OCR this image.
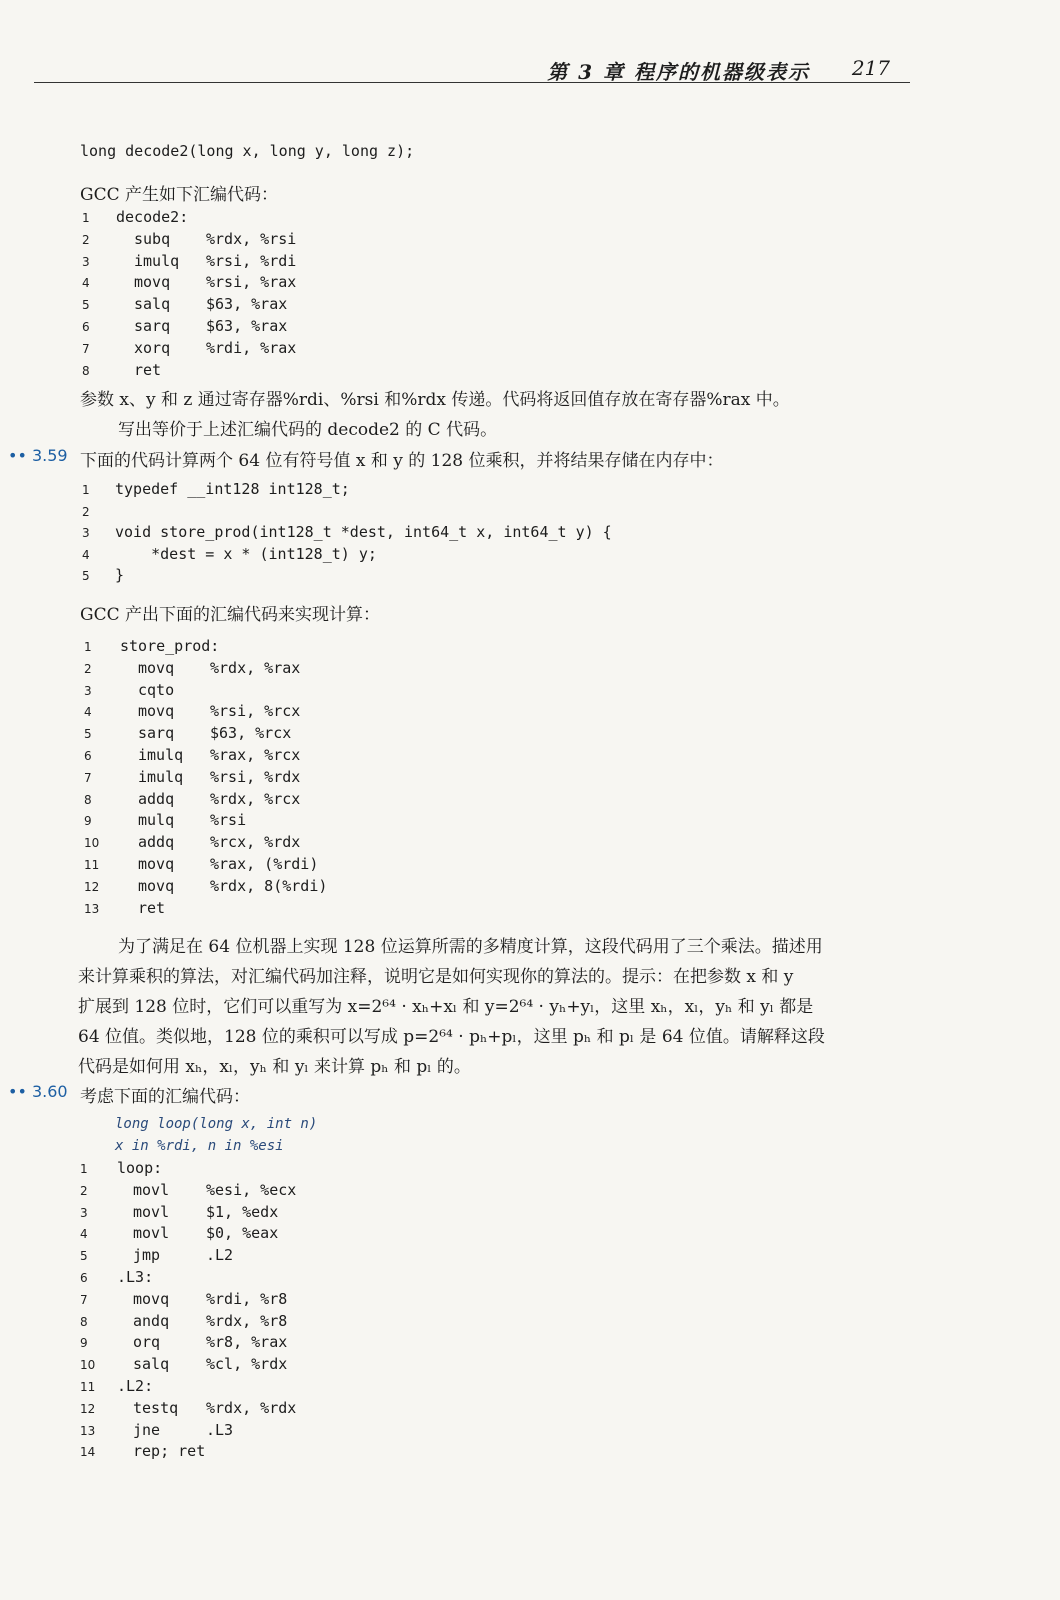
第 3 章 程序的机器级表示 217
long decode2(long x, long y, long z);
GCC 产生如下汇编代码：
1 decode2:
2	subq %rdx, %rsi
3	imulq %rsi, %rdi
4	movq %rsi, %rax
5	salq $63, %rax
6	sarq $63, %rax
7	xorq %rdi, %rax
8	ret
参数 x、y 和 z 通过寄存器%rdi、%rsi 和%rdx 传递。代码将返回值存放在寄存器%rax 中。
写出等价于上述汇编代码的 decode2 的 C 代码。
•• 3.59 下面的代码计算两个 64 位有符号值 x 和 y 的 128 位乘积，并将结果存储在内存中：
1 typedef __int128 int128_t;
2
3 void store_prod(int128_t *dest, int64_t x, int64_t y) {
4 *dest = x * (int128_t) y;
5 }
GCC 产出下面的汇编代码来实现计算：
1 store_prod:
2	movq %rdx, %rax
3	cqto
4	movq %rsi, %rcx
5	sarq $63, %rcx
6	imulq %rax, %rcx
7	imulq %rsi, %rdx
8	addq %rdx, %rcx
9	mulq %rsi
10	addq %rcx, %rdx
11	movq %rax, (%rdi)
12	movq %rdx, 8(%rdi)
13	ret
为了满足在 64 位机器上实现 128 位运算所需的多精度计算，这段代码用了三个乘法。描述用
来计算乘积的算法，对汇编代码加注释，说明它是如何实现你的算法的。提示：在把参数 x 和 y
扩展到 128 位时，它们可以重写为 x=2⁶⁴ · xₕ+xₗ 和 y=2⁶⁴ · yₕ+yₗ，这里 xₕ，xₗ，yₕ 和 yₗ 都是
64 位值。类似地，128 位的乘积可以写成 p=2⁶⁴ · pₕ+pₗ，这里 pₕ 和 pₗ 是 64 位值。请解释这段
代码是如何用 xₕ，xₗ，yₕ 和 yₗ 来计算 pₕ 和 pₗ 的。
•• 3.60 考虑下面的汇编代码：
long loop(long x, int n)
x in %rdi, n in %esi
1 loop:
2	movl %esi, %ecx
3	movl $1, %edx
4	movl $0, %eax
5	jmp	.L2
6 .L3:
7	movq %rdi, %r8
8	andq %rdx, %r8
9	orq	%r8, %rax
10	salq %cl, %rdx
11 .L2:
12	testq %rdx, %rdx
13	jne	.L3
14	rep; ret
